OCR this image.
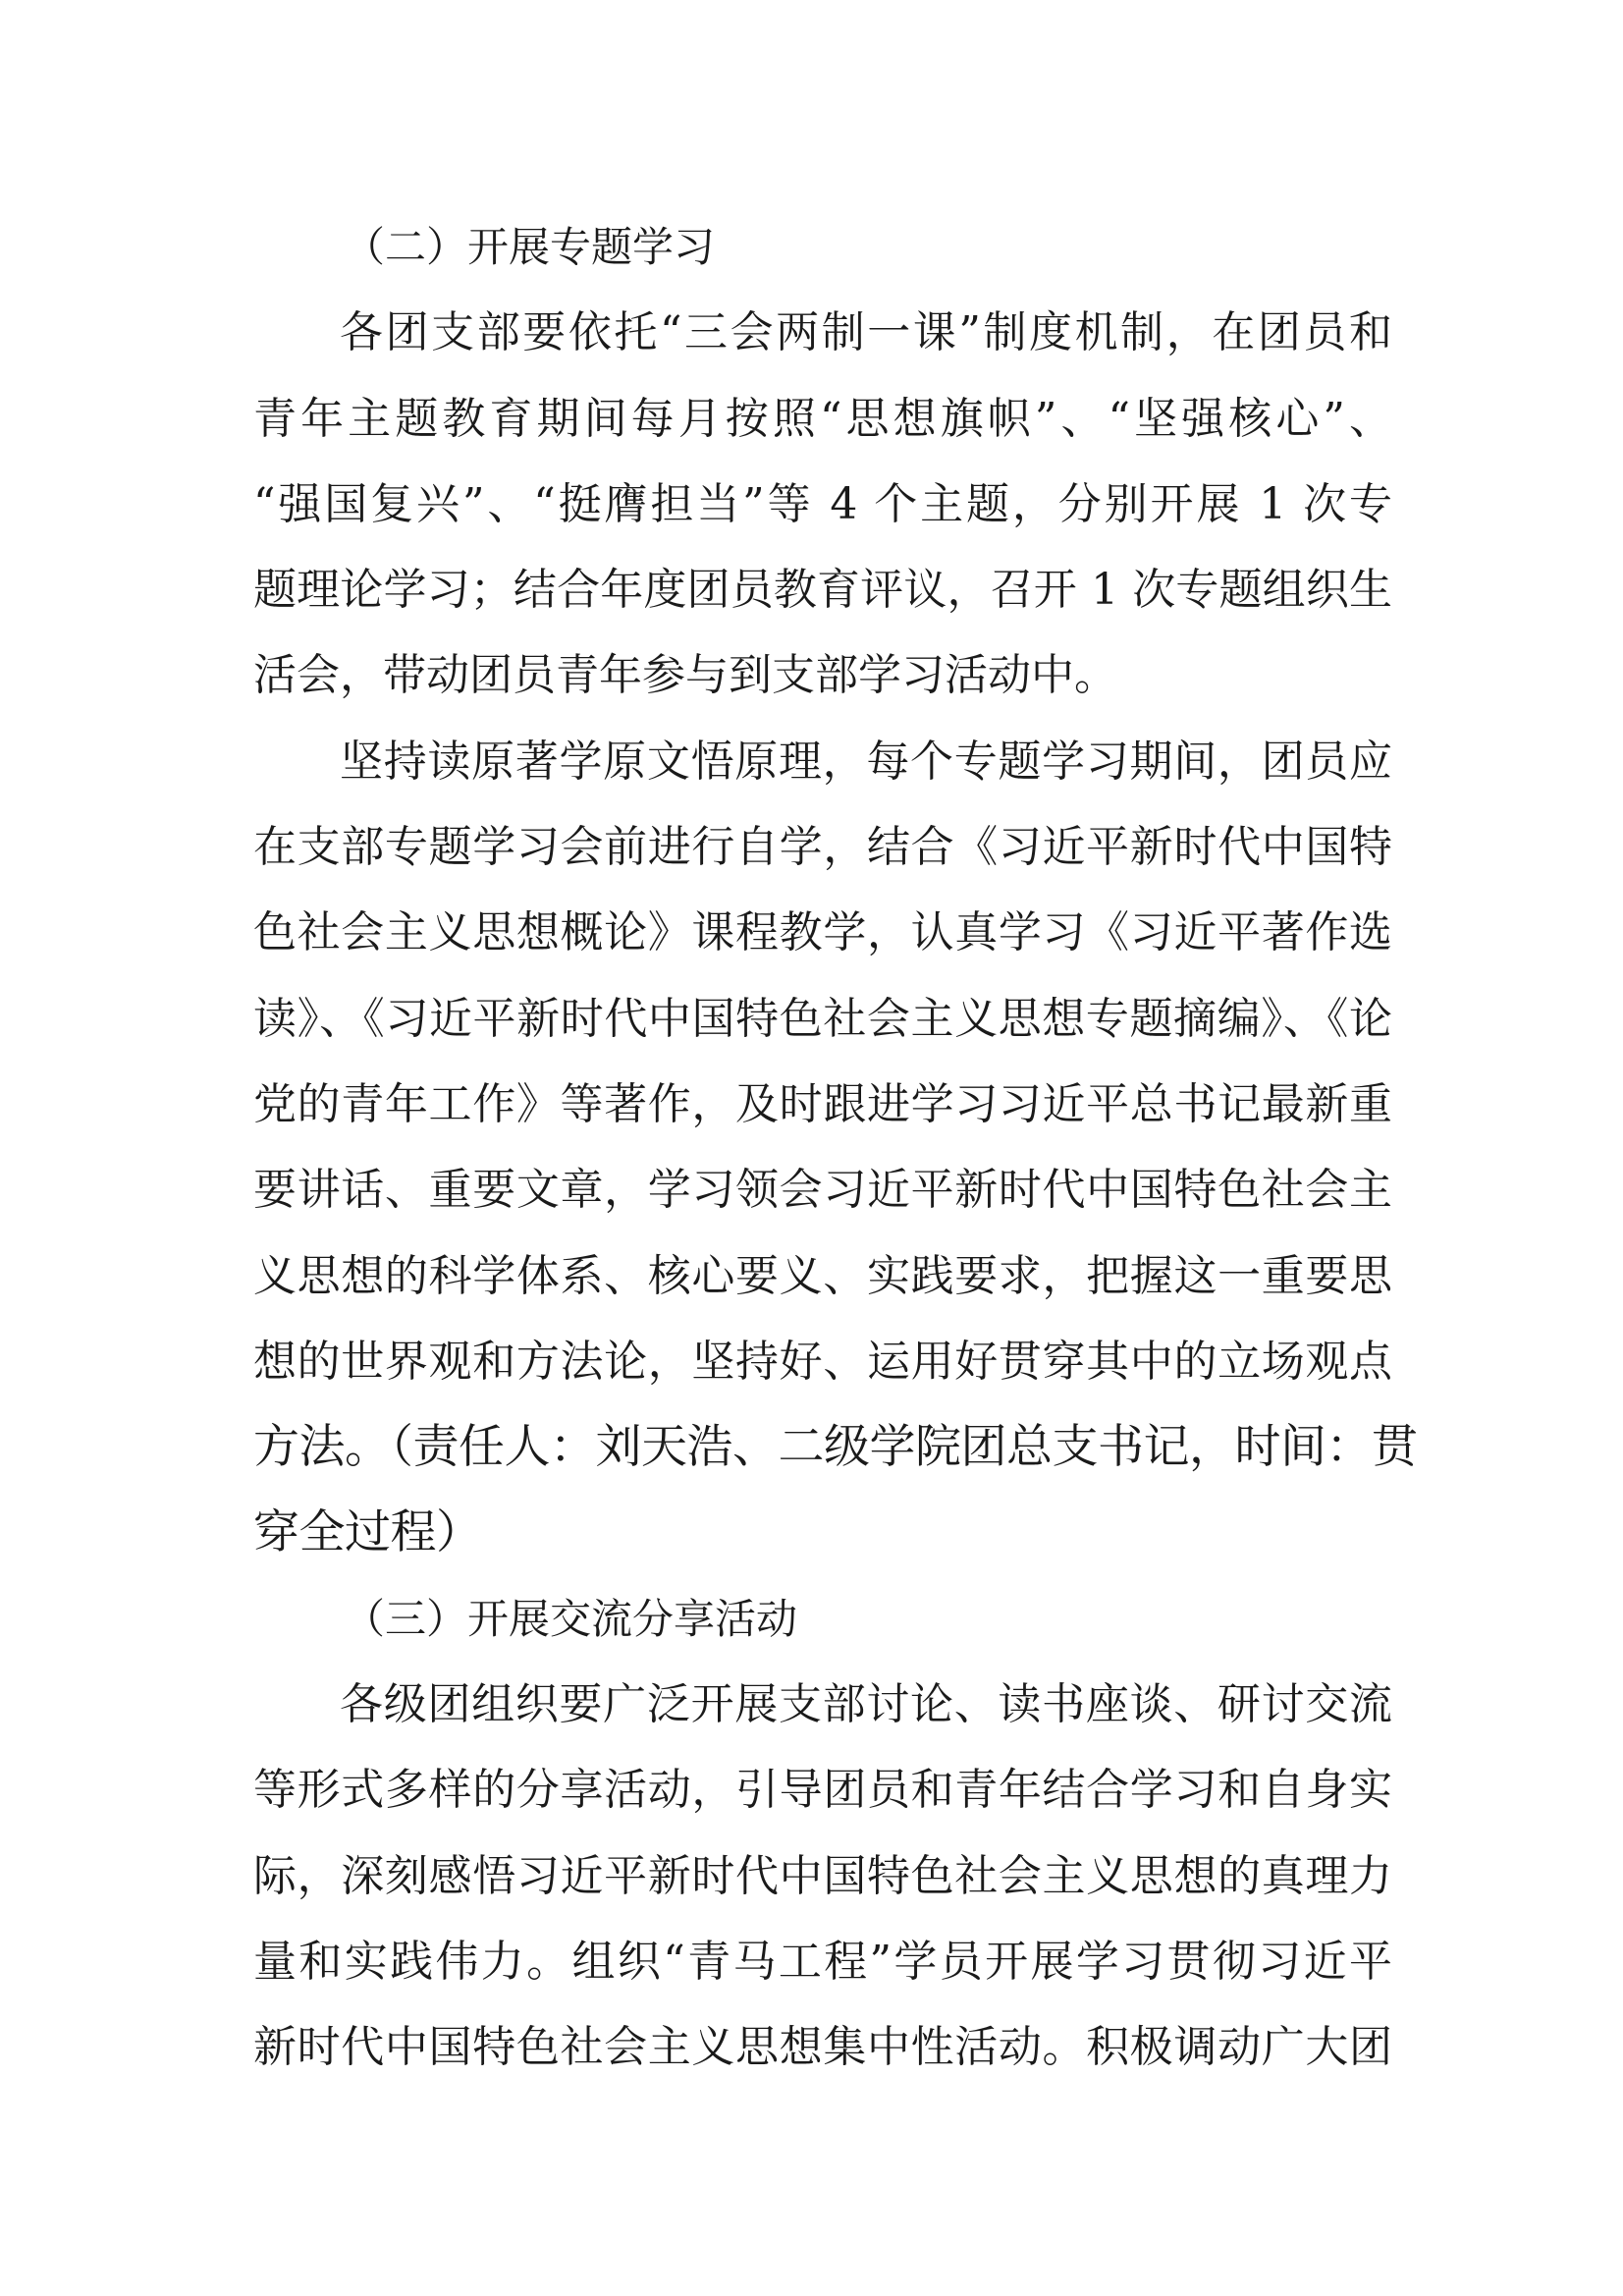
（二）开展专题学习
各团支部要依托“三会两制一课”制度机制，在团员和
青年主题教育期间每月按照“思想旗帜”、“坚强核心”、
“强国复兴”、“挺膺担当”等 4 个主题，分别开展 1 次专
题理论学习；结合年度团员教育评议，召开 1 次专题组织生
活会，带动团员青年参与到支部学习活动中。
坚持读原著学原文悟原理，每个专题学习期间，团员应
在支部专题学习会前进行自学，结合《习近平新时代中国特
色社会主义思想概论》课程教学，认真学习《习近平著作选
读》、《习近平新时代中国特色社会主义思想专题摘编》、《论
党的青年工作》等著作，及时跟进学习习近平总书记最新重
要讲话、重要文章，学习领会习近平新时代中国特色社会主
义思想的科学体系、核心要义、实践要求，把握这一重要思
想的世界观和方法论，坚持好、运用好贯穿其中的立场观点
方法。（责任人：刘天浩、二级学院团总支书记，时间：贯
穿全过程）
（三）开展交流分享活动
各级团组织要广泛开展支部讨论、读书座谈、研讨交流
等形式多样的分享活动，引导团员和青年结合学习和自身实
际，深刻感悟习近平新时代中国特色社会主义思想的真理力
量和实践伟力。组织“青马工程”学员开展学习贯彻习近平
新时代中国特色社会主义思想集中性活动。积极调动广大团
